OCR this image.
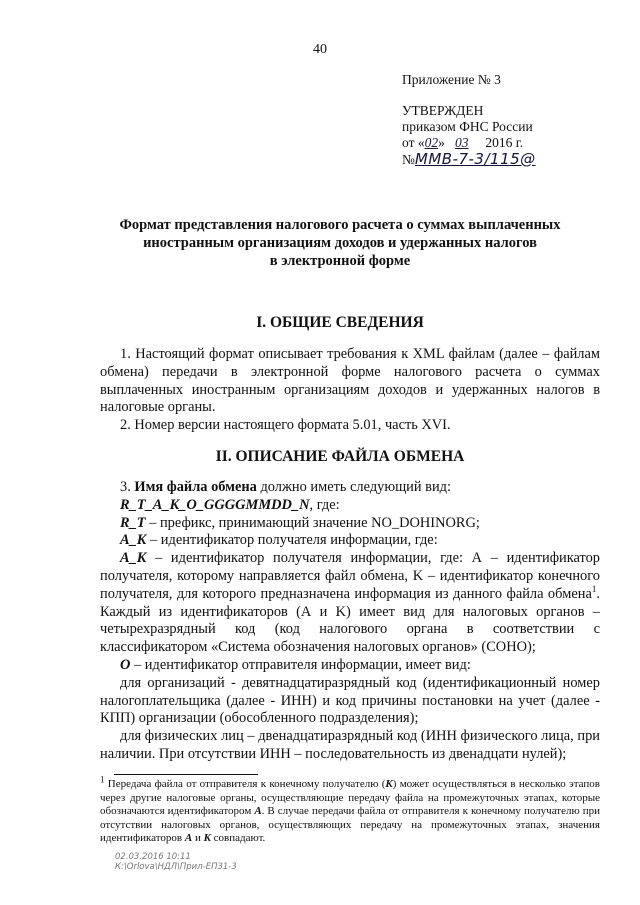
40
Приложение № 3
УТВЕРЖДЕН
приказом ФНС России
от «02» 03 2016 г.
№ММВ-7-3/115@
Формат представления налогового расчета о суммах выплаченных
иностранным организациям доходов и удержанных налогов
в электронной форме
I. ОБЩИЕ СВЕДЕНИЯ

1. Настоящий формат описывает требования к XML файлам (далее – файлам обмена) передачи в электронной форме налогового расчета о суммах выплаченных иностранным организациям доходов и удержанных налогов в налоговые органы.

2. Номер версии настоящего формата 5.01, часть XVI.

II. ОПИСАНИЕ ФАЙЛА ОБМЕНА

3. Имя файла обмена должно иметь следующий вид:

R_T_A_K_O_GGGGMMDD_N, где:

R_T – префикс, принимающий значение NO_DOHINORG;

A_K – идентификатор получателя информации, где:

A_K – идентификатор получателя информации, где: А – идентификатор получателя, которому направляется файл обмена, K – идентификатор конечного получателя, для которого предназначена информация из данного файла обмена$^1$. Каждый из идентификаторов (А и K) имеет вид для налоговых органов – четырехразрядный код (код налогового органа в соответствии с классификатором «Система обозначения налоговых органов» (СОНО);

O – идентификатор отправителя информации, имеет вид:

для организаций - девятнадцатиразрядный код (идентификационный номер налогоплательщика (далее - ИНН) и код причины постановки на учет (далее - КПП) организации (обособленного подразделения);

для физических лиц – двенадцатиразрядный код (ИНН физического лица, при наличии. При отсутствии ИНН – последовательность из двенадцати нулей);

$^1$ Передача файла от отправителя к конечному получателю (K) может осуществляться в несколько этапов через другие налоговые органы, осуществляющие передачу файла на промежуточных этапах, которые обозначаются идентификатором А. В случае передачи файла от отправителя к конечному получателю при отсутствии налоговых органов, осуществляющих передачу на промежуточных этапах, значения идентификаторов А и K совпадают.
02.03.2016 10:11
К:\Orlova\НДЛ\Прил-ЕП31-3
